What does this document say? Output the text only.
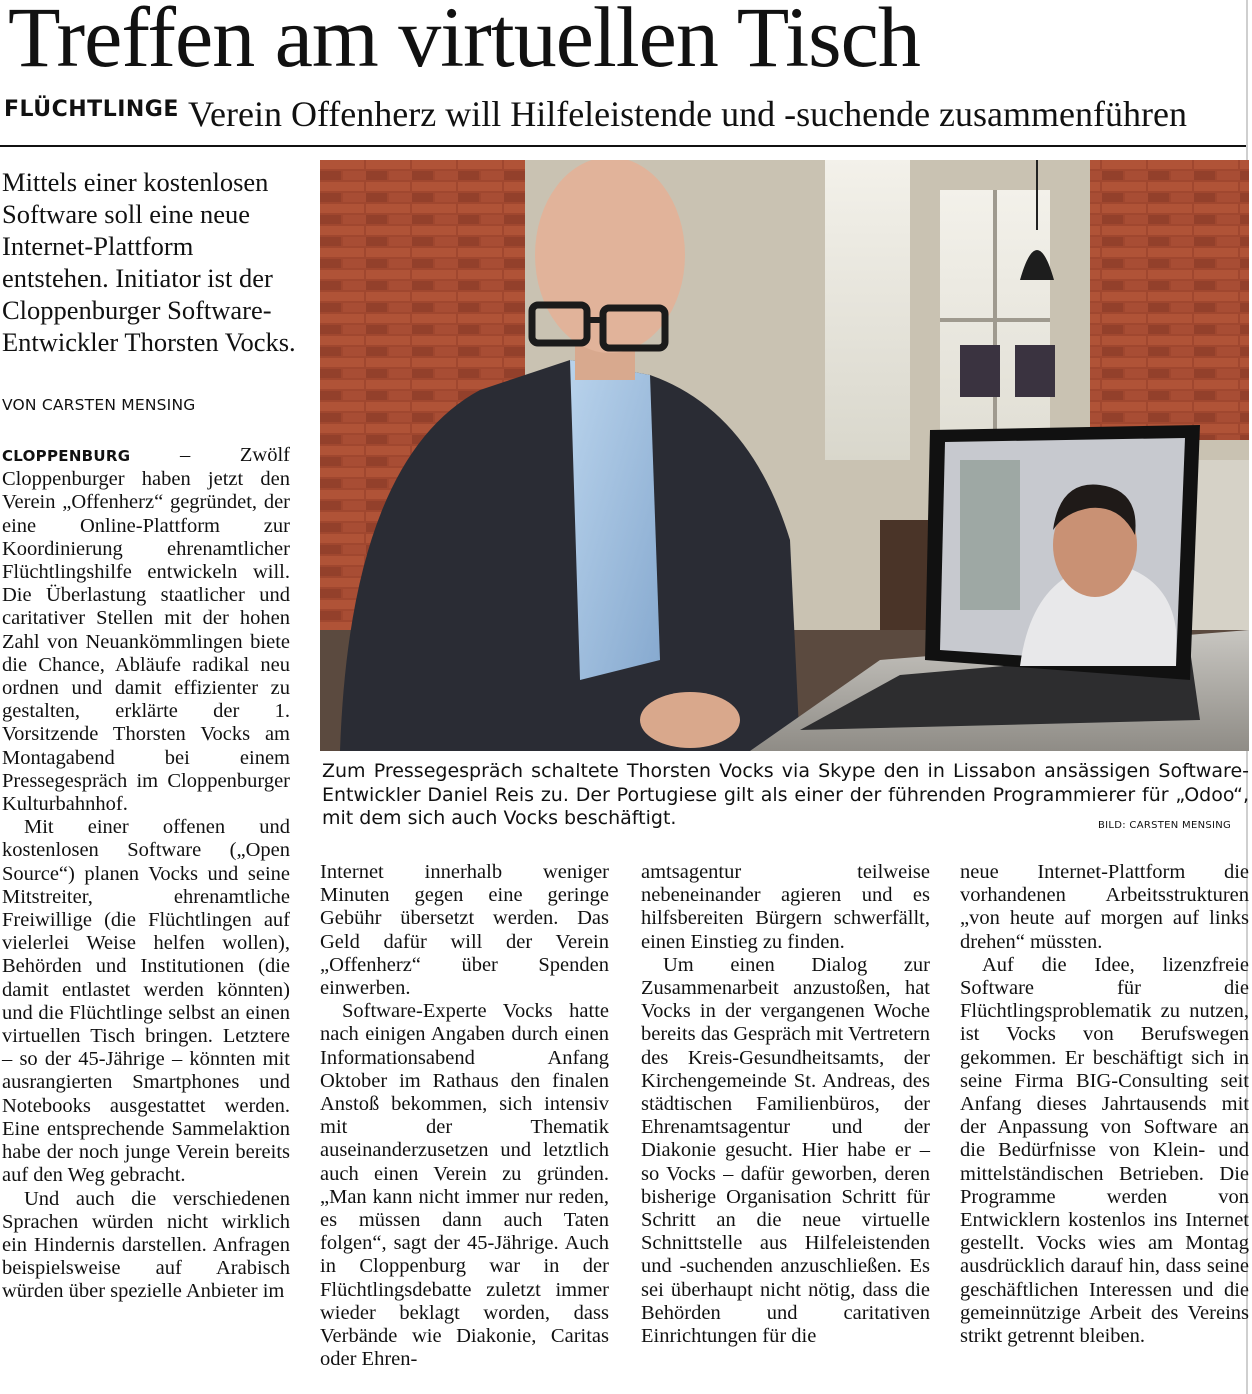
Treffen am virtuellen Tisch
FLÜCHTLINGE Verein Offenherz will Hilfeleistende und -suchende zusammenführen
Mittels einer kostenlosen Software soll eine neue Internet-Plattform entstehen. Initiator ist der Cloppenburger Software-Entwickler Thorsten Vocks.
VON CARSTEN MENSING

CLOPPENBURG – Zwölf Cloppenburger haben jetzt den Verein „Offenherz“ gegründet, der eine Online-Plattform zur Koordinierung ehrenamtlicher Flüchtlingshilfe entwickeln will. Die Überlastung staatlicher und caritativer Stellen mit der hohen Zahl von Neuankömmlingen biete die Chance, Abläufe radikal neu ordnen und damit effizienter zu gestalten, erklärte der 1. Vorsitzende Thorsten Vocks am Montagabend bei einem Pressegespräch im Cloppenburger Kulturbahnhof.

Mit einer offenen und kostenlosen Software („Open Source“) planen Vocks und seine Mitstreiter, ehrenamtliche Freiwillige (die Flüchtlingen auf vielerlei Weise helfen wollen), Behörden und Institutionen (die damit entlastet werden könnten) und die Flüchtlinge selbst an einen virtuellen Tisch bringen. Letztere – so der 45-Jährige – könnten mit ausrangierten Smartphones und Notebooks ausgestattet werden. Eine entsprechende Sammelaktion habe der noch junge Verein bereits auf den Weg gebracht.

Und auch die verschiedenen Sprachen würden nicht wirklich ein Hindernis darstellen. Anfragen beispielsweise auf Arabisch würden über spezielle Anbieter im

Internet innerhalb weniger Minuten gegen eine geringe Gebühr übersetzt werden. Das Geld dafür will der Verein „Offenherz“ über Spenden einwerben.

Software-Experte Vocks hatte nach einigen Angaben durch einen Informationsabend Anfang Oktober im Rathaus den finalen Anstoß bekommen, sich intensiv mit der Thematik auseinanderzusetzen und letztlich auch einen Verein zu gründen. „Man kann nicht immer nur reden, es müssen dann auch Taten folgen“, sagt der 45-Jährige. Auch in Cloppenburg war in der Flüchtlingsdebatte zuletzt immer wieder beklagt worden, dass Verbände wie Diakonie, Caritas oder Ehren-

amtsagentur teilweise nebeneinander agieren und es hilfsbereiten Bürgern schwerfällt, einen Einstieg zu finden.

Um einen Dialog zur Zusammenarbeit anzustoßen, hat Vocks in der vergangenen Woche bereits das Gespräch mit Vertretern des Kreis-Gesundheitsamts, der Kirchengemeinde St. Andreas, des städtischen Familienbüros, der Ehrenamtsagentur und der Diakonie gesucht. Hier habe er – so Vocks – dafür geworben, deren bisherige Organisation Schritt für Schritt an die neue virtuelle Schnittstelle aus Hilfeleistenden und -suchenden anzuschließen. Es sei überhaupt nicht nötig, dass die Behörden und caritativen Einrichtungen für die

neue Internet-Plattform die vorhandenen Arbeitsstrukturen „von heute auf morgen auf links drehen“ müssten.

Auf die Idee, lizenzfreie Software für die Flüchtlingsproblematik zu nutzen, ist Vocks von Berufswegen gekommen. Er beschäftigt sich in seine Firma BIG-Consulting seit Anfang dieses Jahrtausends mit der Anpassung von Software an die Bedürfnisse von Klein- und mittelständischen Betrieben. Die Programme werden von Entwicklern kostenlos ins Internet gestellt. Vocks wies am Montag ausdrücklich darauf hin, dass seine geschäftlichen Interessen und die gemeinnützige Arbeit des Vereins strikt getrennt bleiben.

Zum Pressegespräch schaltete Thorsten Vocks via Skype den in Lissabon ansässigen Software-Entwickler Daniel Reis zu. Der Portugiese gilt als einer der führenden Programmierer für „Odoo“, mit dem sich auch Vocks beschäftigt.	BILD: CARSTEN MENSING
